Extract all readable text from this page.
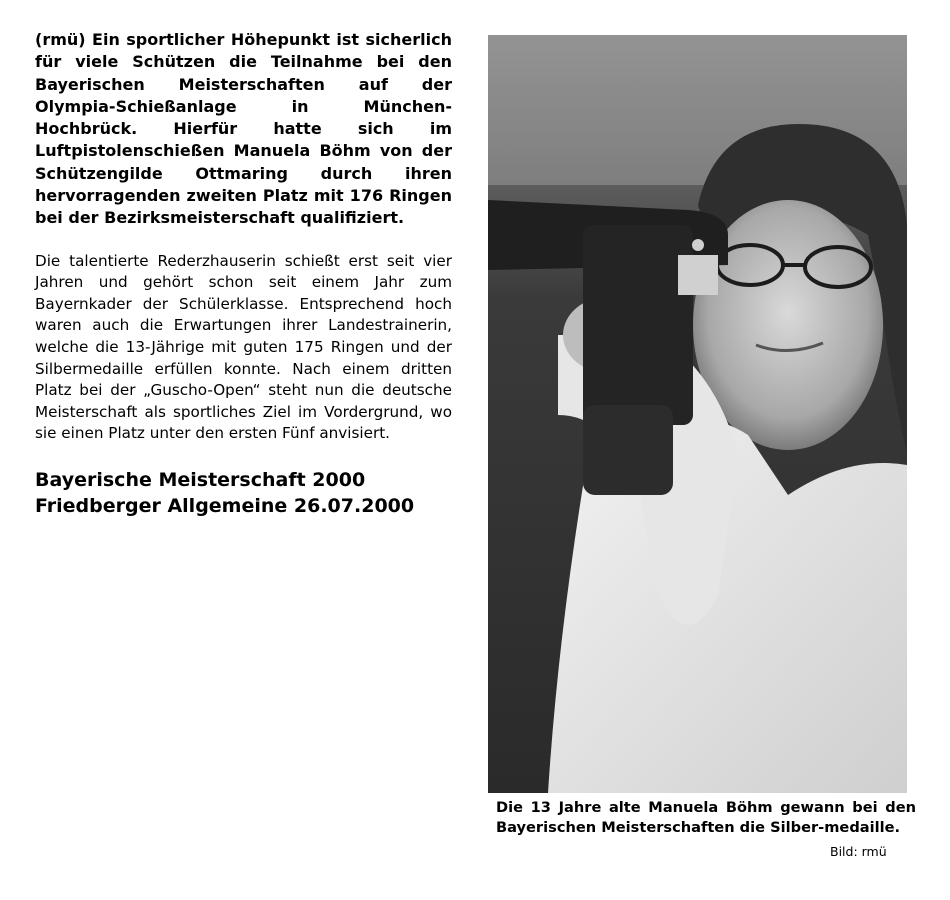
(rmü) Ein sportlicher Höhepunkt ist sicherlich für viele Schützen die Teilnahme bei den Bayerischen Meisterschaften auf der Olympia-Schießanlage in München-Hochbrück. Hierfür hatte sich im Luftpistolenschießen Manuela Böhm von der Schützengilde Ottmaring durch ihren hervorragenden zweiten Platz mit 176 Ringen bei der Bezirksmeisterschaft qualifiziert.

Die talentierte Rederzhauserin schießt erst seit vier Jahren und gehört schon seit einem Jahr zum Bayernkader der Schülerklasse. Entsprechend hoch waren auch die Erwartungen ihrer Landestrainerin, welche die 13-Jährige mit guten 175 Ringen und der Silbermedaille erfüllen konnte. Nach einem dritten Platz bei der „Guscho-Open“ steht nun die deutsche Meisterschaft als sportliches Ziel im Vordergrund, wo sie einen Platz unter den ersten Fünf anvisiert.

Bayerische Meisterschaft 2000
Friedberger Allgemeine 26.07.2000

Die 13 Jahre alte Manuela Böhm gewann bei den Bayerischen Meisterschaften die Silber-medaille.

Bild: rmü
